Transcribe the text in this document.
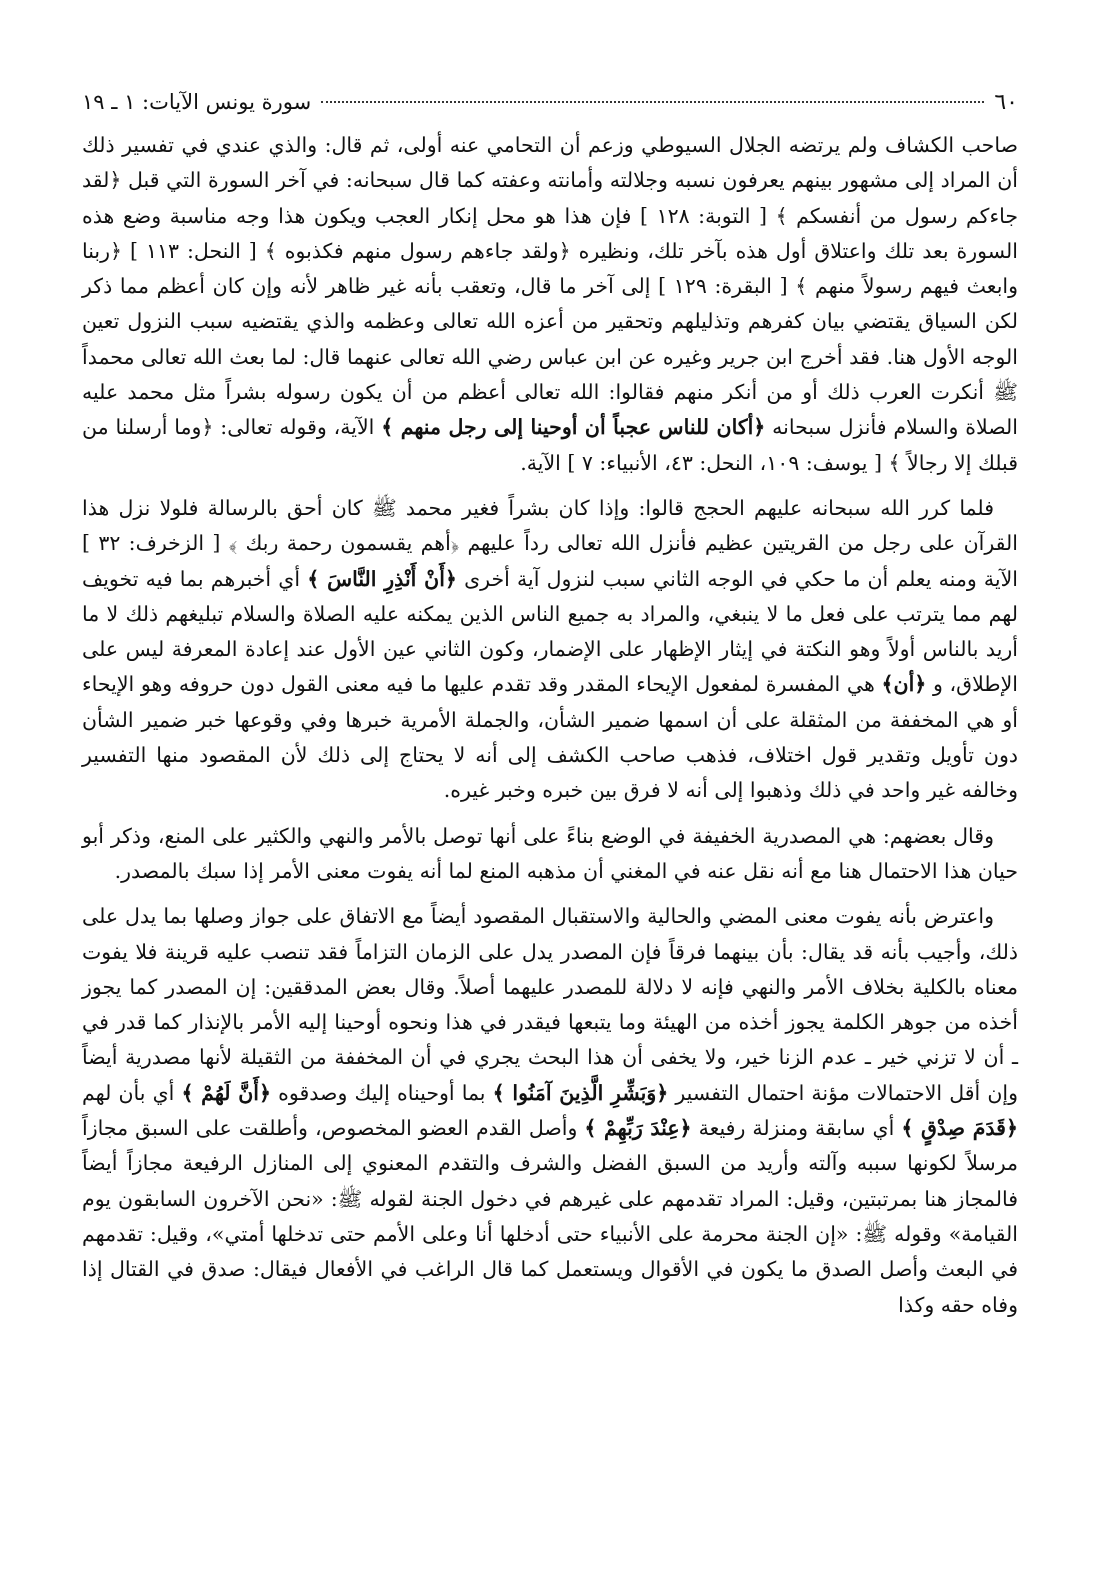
٦٠
سورة يونس الآيات: ١ ـ ١٩

صاحب الكشاف ولم يرتضه الجلال السيوطي وزعم أن التحامي عنه أولى، ثم قال: والذي عندي في تفسير ذلك أن المراد إلى مشهور بينهم يعرفون نسبه وجلالته وأمانته وعفته كما قال سبحانه: في آخر السورة التي قبل ﴿لقد جاءكم رسول من أنفسكم ﴾ [ التوبة: ١٢٨ ] فإن هذا هو محل إنكار العجب ويكون هذا وجه مناسبة وضع هذه السورة بعد تلك واعتلاق أول هذه بآخر تلك، ونظيره ﴿ولقد جاءهم رسول منهم فكذبوه ﴾ [ النحل: ١١٣ ] ﴿ربنا وابعث فيهم رسولاً منهم ﴾ [ البقرة: ١٢٩ ] إلى آخر ما قال، وتعقب بأنه غير ظاهر لأنه وإن كان أعظم مما ذكر لكن السياق يقتضي بيان كفرهم وتذليلهم وتحقير من أعزه الله تعالى وعظمه والذي يقتضيه سبب النزول تعين الوجه الأول هنا. فقد أخرج ابن جرير وغيره عن ابن عباس رضي الله تعالى عنهما قال: لما بعث الله تعالى محمداً ﷺ أنكرت العرب ذلك أو من أنكر منهم فقالوا: الله تعالى أعظم من أن يكون رسوله بشراً مثل محمد عليه الصلاة والسلام فأنزل سبحانه ﴿أكان للناس عجباً أن أوحينا إلى رجل منهم ﴾ الآية، وقوله تعالى: ﴿وما أرسلنا من قبلك إلا رجالاً ﴾ [ يوسف: ١٠٩، النحل: ٤٣، الأنبياء: ٧ ] الآية.

فلما كرر الله سبحانه عليهم الحجج قالوا: وإذا كان بشراً فغير محمد ﷺ كان أحق بالرسالة فلولا نزل هذا القرآن على رجل من القريتين عظيم فأنزل الله تعالى رداً عليهم ﴿أهم يقسمون رحمة ربك ﴾ [ الزخرف: ٣٢ ] الآية ومنه يعلم أن ما حكي في الوجه الثاني سبب لنزول آية أخرى ﴿أَنْ أَنْذِرِ النَّاسَ ﴾ أي أخبرهم بما فيه تخويف لهم مما يترتب على فعل ما لا ينبغي، والمراد به جميع الناس الذين يمكنه عليه الصلاة والسلام تبليغهم ذلك لا ما أريد بالناس أولاً وهو النكتة في إيثار الإظهار على الإضمار، وكون الثاني عين الأول عند إعادة المعرفة ليس على الإطلاق، و ﴿أن﴾ هي المفسرة لمفعول الإيحاء المقدر وقد تقدم عليها ما فيه معنى القول دون حروفه وهو الإيحاء أو هي المخففة من المثقلة على أن اسمها ضمير الشأن، والجملة الأمرية خبرها وفي وقوعها خبر ضمير الشأن دون تأويل وتقدير قول اختلاف، فذهب صاحب الكشف إلى أنه لا يحتاج إلى ذلك لأن المقصود منها التفسير وخالفه غير واحد في ذلك وذهبوا إلى أنه لا فرق بين خبره وخبر غيره.

وقال بعضهم: هي المصدرية الخفيفة في الوضع بناءً على أنها توصل بالأمر والنهي والكثير على المنع، وذكر أبو حيان هذا الاحتمال هنا مع أنه نقل عنه في المغني أن مذهبه المنع لما أنه يفوت معنى الأمر إذا سبك بالمصدر.

واعترض بأنه يفوت معنى المضي والحالية والاستقبال المقصود أيضاً مع الاتفاق على جواز وصلها بما يدل على ذلك، وأجيب بأنه قد يقال: بأن بينهما فرقاً فإن المصدر يدل على الزمان التزاماً فقد تنصب عليه قرينة فلا يفوت معناه بالكلية بخلاف الأمر والنهي فإنه لا دلالة للمصدر عليهما أصلاً. وقال بعض المدققين: إن المصدر كما يجوز أخذه من جوهر الكلمة يجوز أخذه من الهيئة وما يتبعها فيقدر في هذا ونحوه أوحينا إليه الأمر بالإنذار كما قدر في ـ أن لا تزني خير ـ عدم الزنا خير، ولا يخفى أن هذا البحث يجري في أن المخففة من الثقيلة لأنها مصدرية أيضاً وإن أقل الاحتمالات مؤنة احتمال التفسير ﴿وَبَشِّرِ الَّذِينَ آمَنُوا ﴾ بما أوحيناه إليك وصدقوه ﴿أَنَّ لَهُمْ ﴾ أي بأن لهم ﴿قَدَمَ صِدْقٍ ﴾ أي سابقة ومنزلة رفيعة ﴿عِنْدَ رَبِّهِمْ ﴾ وأصل القدم العضو المخصوص، وأطلقت على السبق مجازاً مرسلاً لكونها سببه وآلته وأريد من السبق الفضل والشرف والتقدم المعنوي إلى المنازل الرفيعة مجازاً أيضاً فالمجاز هنا بمرتبتين، وقيل: المراد تقدمهم على غيرهم في دخول الجنة لقوله ﷺ: «نحن الآخرون السابقون يوم القيامة» وقوله ﷺ: «إن الجنة محرمة على الأنبياء حتى أدخلها أنا وعلى الأمم حتى تدخلها أمتي»، وقيل: تقدمهم في البعث وأصل الصدق ما يكون في الأقوال ويستعمل كما قال الراغب في الأفعال فيقال: صدق في القتال إذا وفاه حقه وكذا
